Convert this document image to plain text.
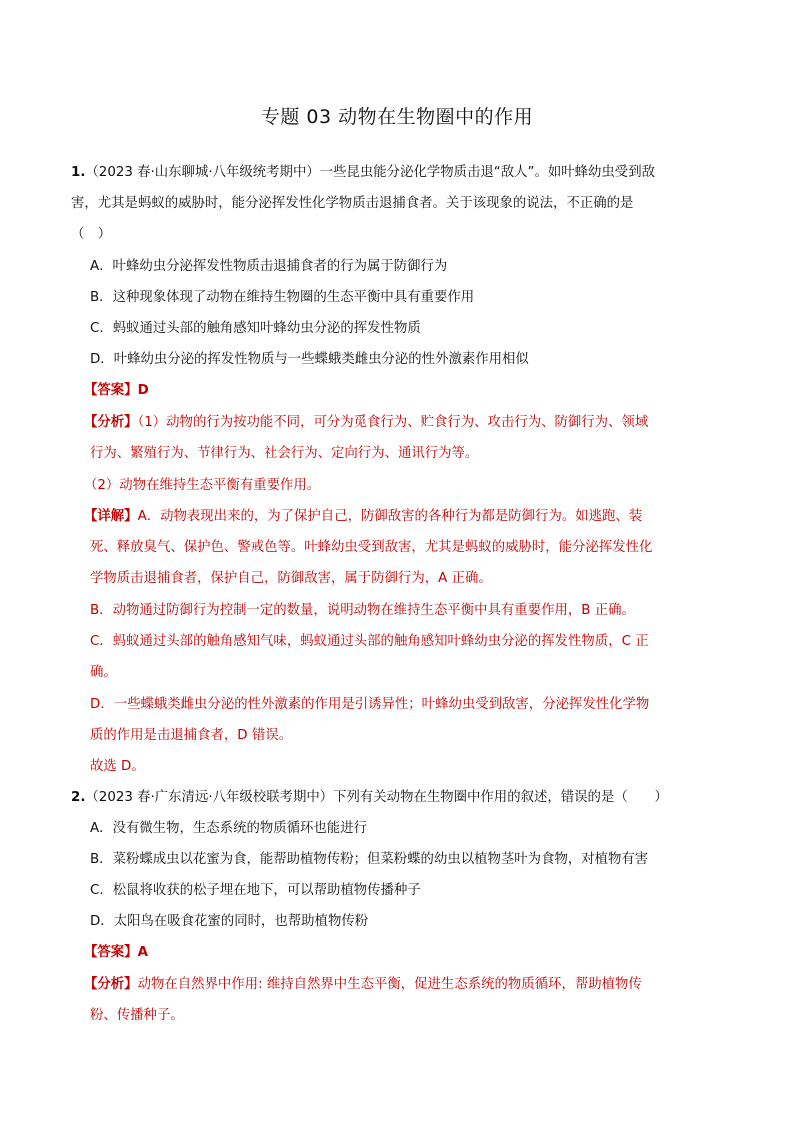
专题 03 动物在生物圈中的作用
1.（2023 春·山东聊城·八年级统考期中）一些昆虫能分泌化学物质击退“敌人”。如叶蜂幼虫受到敌
害，尤其是蚂蚁的威胁时，能分泌挥发性化学物质击退捕食者。关于该现象的说法，不正确的是
（　）
A．叶蜂幼虫分泌挥发性物质击退捕食者的行为属于防御行为
B．这种现象体现了动物在维持生物圈的生态平衡中具有重要作用
C．蚂蚁通过头部的触角感知叶蜂幼虫分泌的挥发性物质
D．叶蜂幼虫分泌的挥发性物质与一些蝶蛾类雌虫分泌的性外激素作用相似
【答案】D
【分析】（1）动物的行为按功能不同，可分为觅食行为、贮食行为、攻击行为、防御行为、领域
行为、繁殖行为、节律行为、社会行为、定向行为、通讯行为等。
（2）动物在维持生态平衡有重要作用。
【详解】A．动物表现出来的，为了保护自己，防御敌害的各种行为都是防御行为。如逃跑、装
死、释放臭气、保护色、警戒色等。叶蜂幼虫受到敌害，尤其是蚂蚁的威胁时，能分泌挥发性化
学物质击退捕食者，保护自己，防御敌害，属于防御行为，A 正确。
B．动物通过防御行为控制一定的数量，说明动物在维持生态平衡中具有重要作用，B 正确。
C．蚂蚁通过头部的触角感知气味，蚂蚁通过头部的触角感知叶蜂幼虫分泌的挥发性物质，C 正
确。
D．一些蝶蛾类雌虫分泌的性外激素的作用是引诱异性；叶蜂幼虫受到敌害，分泌挥发性化学物
质的作用是击退捕食者，D 错误。
故选 D。
2.（2023 春·广东清远·八年级校联考期中）下列有关动物在生物圈中作用的叙述，错误的是（　　）
A．没有微生物，生态系统的物质循环也能进行
B．菜粉蝶成虫以花蜜为食，能帮助植物传粉；但菜粉蝶的幼虫以植物茎叶为食物，对植物有害
C．松鼠将收获的松子埋在地下，可以帮助植物传播种子
D．太阳鸟在吸食花蜜的同时，也帮助植物传粉
【答案】A
【分析】动物在自然界中作用: 维持自然界中生态平衡，促进生态系统的物质循环，帮助植物传
粉、传播种子。
